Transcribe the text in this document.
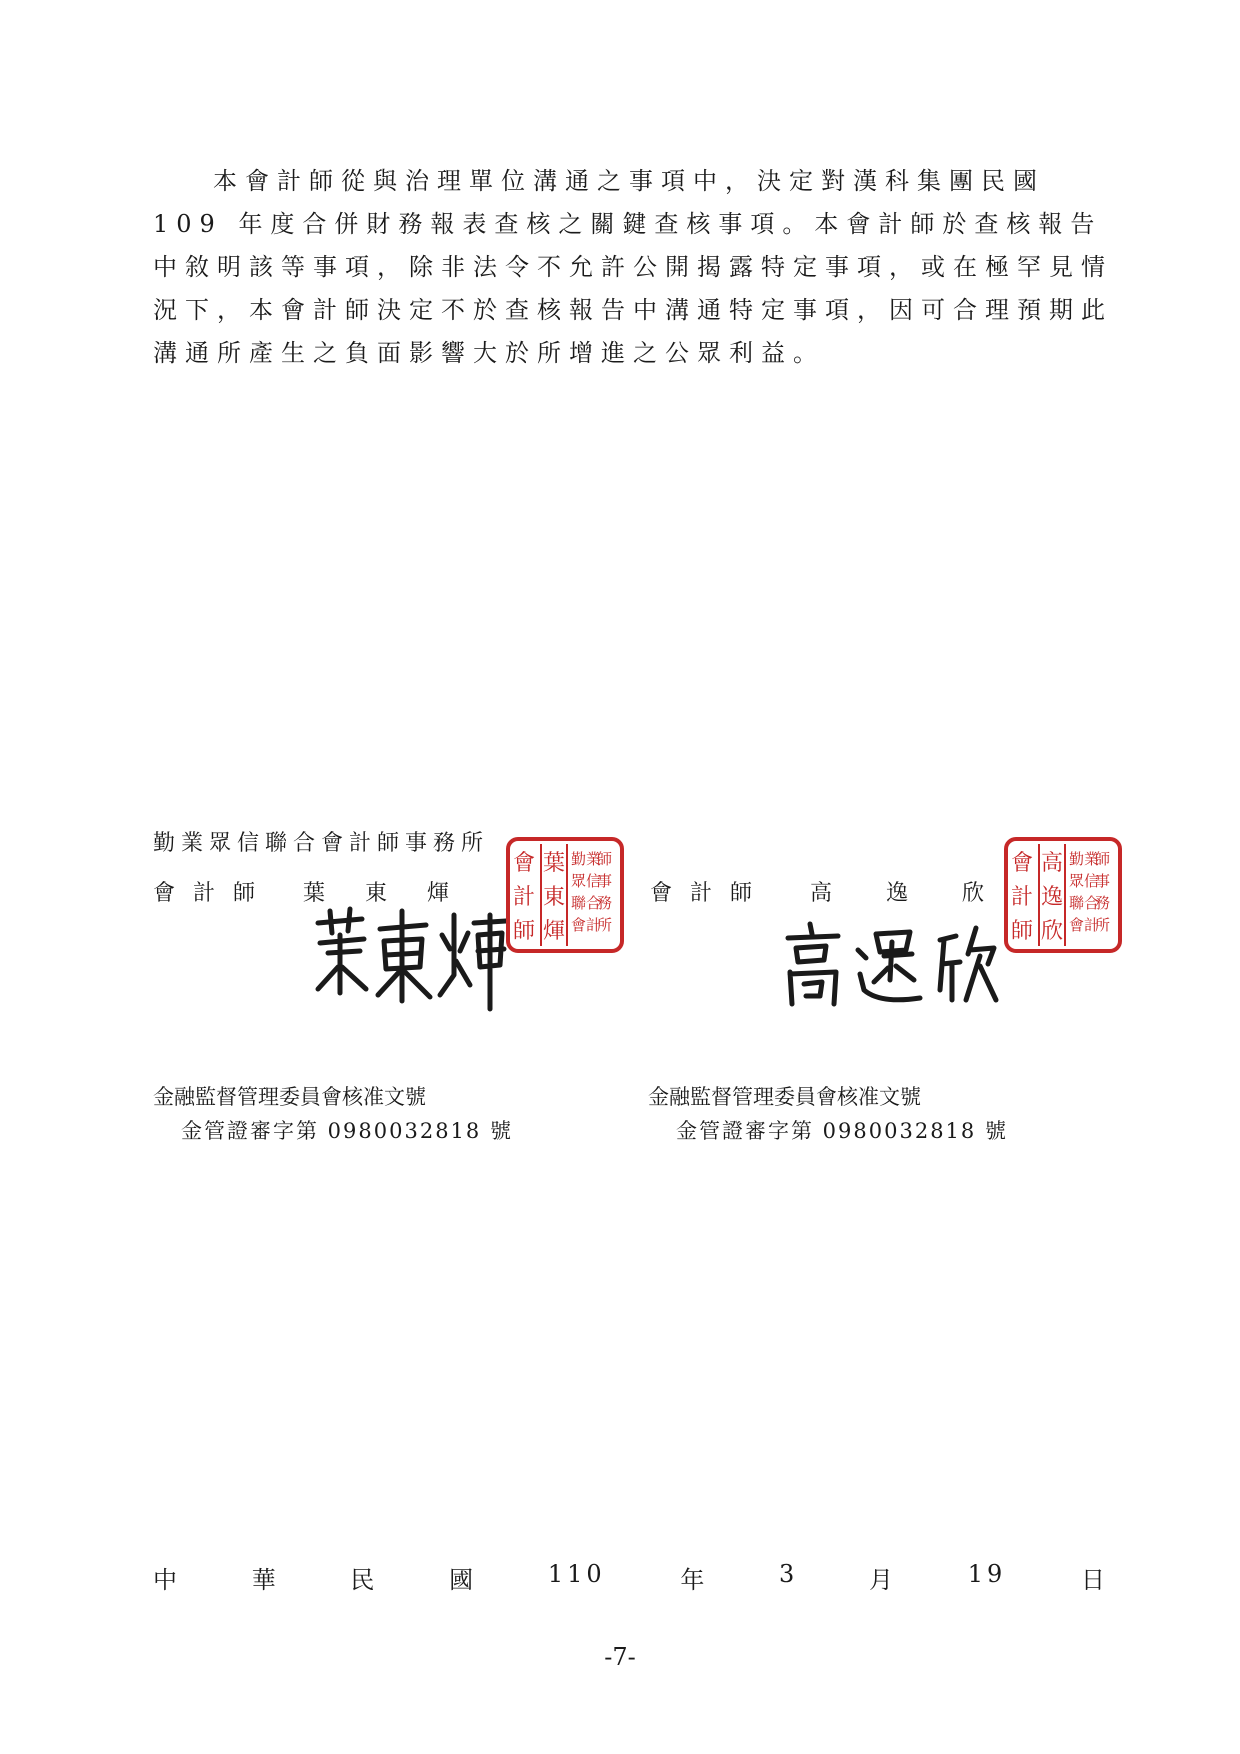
本會計師從與治理單位溝通之事項中，決定對漢科集團民國 109 年度合併財務報表查核之關鍵查核事項。本會計師於查核報告中敘明該等事項，除非法令不允許公開揭露特定事項，或在極罕見情況下，本會計師決定不於查核報告中溝通特定事項，因可合理預期此溝通所產生之負面影響大於所增進之公眾利益。

勤業眾信聯合會計師事務所
會計師	葉	東	煇	會計師	高	逸	欣
會
計
師
葉
東
煇
勤業
眾信
聯合
會計
師
事
務
所
會
計
師
高
逸
欣
勤業
眾信
聯合
會計
師
事
務
所
金融監督管理委員會核准文號
金管證審字第 0980032818 號
金融監督管理委員會核准文號
金管證審字第 0980032818 號
中	華	民	國	110	年	3	月	19	日
-7-
